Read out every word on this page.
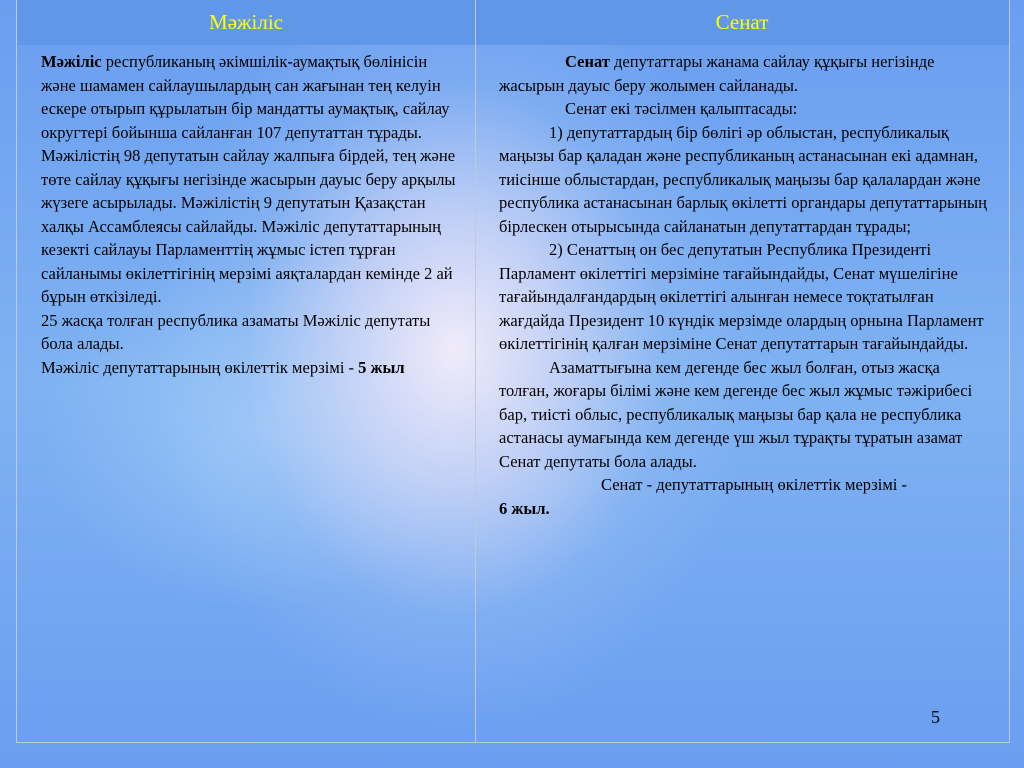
Мәжіліс	Сенат

Мәжіліс республиканың әкімшілік-аумақтық бөлінісін және шамамен сайлаушылардың сан жағынан тең келуін ескере отырып құрылатын бір мандатты аумақтық, сайлау округтері бойынша сайланған 107 депутаттан тұрады. Мәжілістің 98 депутатын сайлау жалпыға бірдей, тең және төте сайлау құқығы негізінде жасырын дауыс беру арқылы жүзеге асырылады. Мәжілістің 9 депутатын Қазақстан халқы Ассамблеясы сайлайды. Мәжіліс депутаттарының кезекті сайлауы Парламенттің жұмыс істеп тұрған сайланымы өкілеттігінің мерзімі аяқталардан кемінде 2 ай бұрын өткізіледі.

25 жасқа толған республика азаматы Мәжіліс депутаты бола алады.

Мәжіліс депутаттарының өкілеттік мерзімі - 5 жыл

Сенат депутаттары жанама сайлау құқығы негізінде жасырын дауыс беру жолымен сайланады.

Сенат екі тәсілмен қалыптасады:

1) депутаттардың бір бөлігі әр облыстан, республикалық маңызы бар қаладан және республиканың астанасынан екі адамнан, тиісінше облыстардан, республикалық маңызы бар қалалардан және республика астанасынан барлық өкілетті органдары депутаттарының бірлескен отырысында сайланатын депутаттардан тұрады;

2) Сенаттың он бес депутатын Республика Президенті Парламент өкілеттігі мерзіміне тағайындайды, Сенат мүшелігіне тағайындалғандардың өкілеттігі алынған немесе тоқтатылған жағдайда Президент 10 күндік мерзімде олардың орнына Парламент өкілеттігінің қалған мерзіміне Сенат депутаттарын тағайындайды.

Азаматтығына кем дегенде бес жыл болған, отыз жасқа толған, жоғары білімі және кем дегенде бес жыл жұмыс тәжірибесі бар, тиісті облыс, республикалық маңызы бар қала не республика астанасы аумағында кем дегенде үш жыл тұрақты тұратын азамат Сенат депутаты бола алады.

Сенат - депутаттарының өкілеттік мерзімі -

6 жыл.

5
